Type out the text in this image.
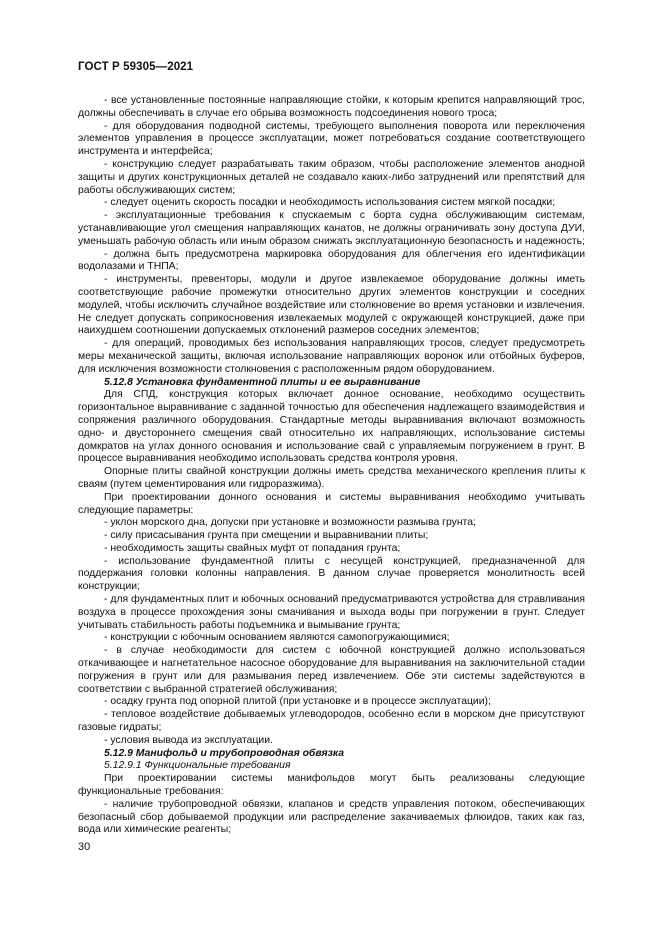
ГОСТ Р 59305—2021

- все установленные постоянные направляющие стойки, к которым крепится направляющий трос, должны обеспечивать в случае его обрыва возможность подсоединения нового троса;

- для оборудования подводной системы, требующего выполнения поворота или переключения элементов управления в процессе эксплуатации, может потребоваться создание соответствующего инструмента и интерфейса;

- конструкцию следует разрабатывать таким образом, чтобы расположение элементов анодной защиты и других конструкционных деталей не создавало каких-либо затруднений или препятствий для работы обслуживающих систем;

- следует оценить скорость посадки и необходимость использования систем мягкой посадки;

- эксплуатационные требования к спускаемым с борта судна обслуживающим системам, устанавливающие угол смещения направляющих канатов, не должны ограничивать зону доступа ДУИ, уменьшать рабочую область или иным образом снижать эксплуатационную безопасность и надежность;

- должна быть предусмотрена маркировка оборудования для облегчения его идентификации водолазами и ТНПА;

- инструменты, превенторы, модули и другое извлекаемое оборудование должны иметь соответствующие рабочие промежутки относительно других элементов конструкции и соседних модулей, чтобы исключить случайное воздействие или столкновение во время установки и извлечения. Не следует допускать соприкосновения извлекаемых модулей с окружающей конструкцией, даже при наихудшем соотношении допускаемых отклонений размеров соседних элементов;

- для операций, проводимых без использования направляющих тросов, следует предусмотреть меры механической защиты, включая использование направляющих воронок или отбойных буферов, для исключения возможности столкновения с расположенным рядом оборудованием.

5.12.8 Установка фундаментной плиты и ее выравнивание

Для СПД, конструкция которых включает донное основание, необходимо осуществить горизонтальное выравнивание с заданной точностью для обеспечения надлежащего взаимодействия и сопряжения различного оборудования. Стандартные методы выравнивания включают возможность одно- и двустороннего смещения свай относительно их направляющих, использование системы домкратов на углах донного основания и использование свай с управляемым погружением в грунт. В процессе выравнивания необходимо использовать средства контроля уровня.

Опорные плиты свайной конструкции должны иметь средства механического крепления плиты к сваям (путем цементирования или гидроразжима).

При проектировании донного основания и системы выравнивания необходимо учитывать следующие параметры:

- уклон морского дна, допуски при установке и возможности размыва грунта;

- силу присасывания грунта при смещении и выравнивании плиты;

- необходимость защиты свайных муфт от попадания грунта;

- использование фундаментной плиты с несущей конструкцией, предназначенной для поддержания головки колонны направления. В данном случае проверяется монолитность всей конструкции;

- для фундаментных плит и юбочных оснований предусматриваются устройства для стравливания воздуха в процессе прохождения зоны смачивания и выхода воды при погружении в грунт. Следует учитывать стабильность работы подъемника и вымывание грунта;

- конструкции с юбочным основанием являются самопогружающимися;

- в случае необходимости для систем с юбочной конструкцией должно использоваться откачивающее и нагнетательное насосное оборудование для выравнивания на заключительной стадии погружения в грунт или для размывания перед извлечением. Обе эти системы задействуются в соответствии с выбранной стратегией обслуживания;

- осадку грунта под опорной плитой (при установке и в процессе эксплуатации);

- тепловое воздействие добываемых углеводородов, особенно если в морском дне присутствуют газовые гидраты;

- условия вывода из эксплуатации.

5.12.9 Манифольд и трубопроводная обвязка

5.12.9.1 Функциональные требования

При проектировании системы манифольдов могут быть реализованы следующие функциональные требования:

- наличие трубопроводной обвязки, клапанов и средств управления потоком, обеспечивающих безопасный сбор добываемой продукции или распределение закачиваемых флюидов, таких как газ, вода или химические реагенты;

30
